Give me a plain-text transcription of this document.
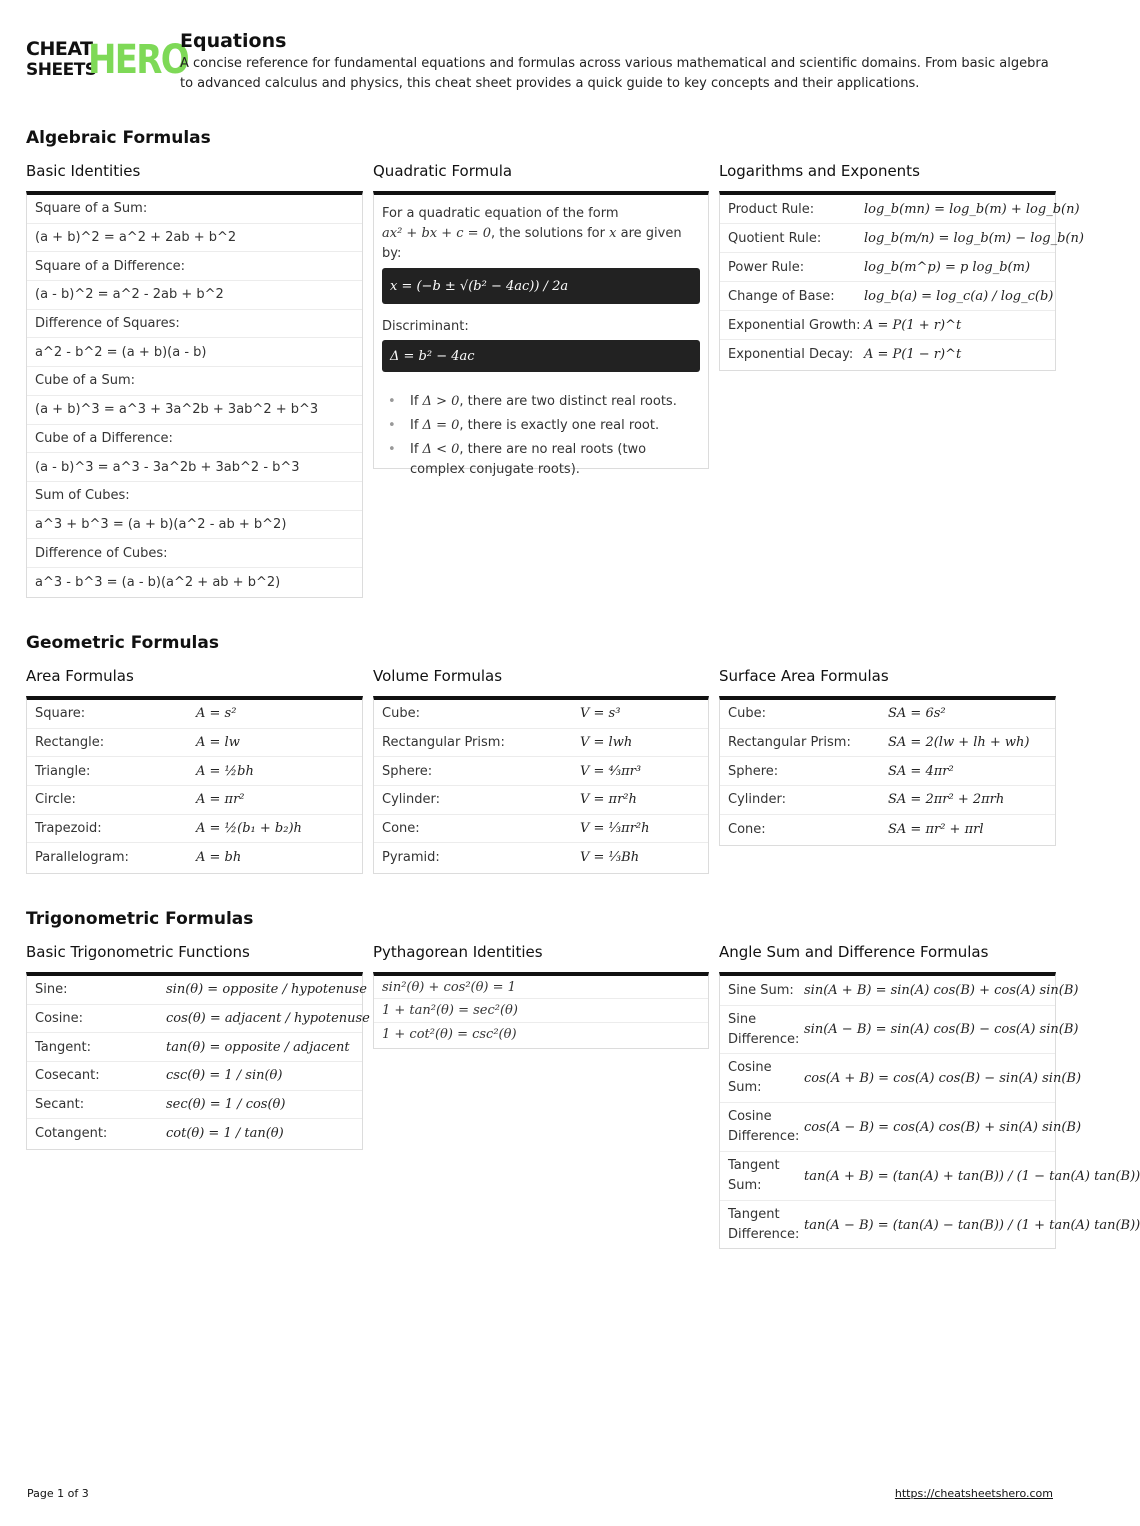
CHEAT
SHEETS
HERO
Equations
A concise reference for fundamental equations and formulas across various mathematical and scientific domains. From basic algebra to advanced calculus and physics, this cheat sheet provides a quick guide to key concepts and their applications.
Algebraic Formulas
Basic Identities
Square of a Sum:
(a + b)^2 = a^2 + 2ab + b^2
Square of a Difference:
(a - b)^2 = a^2 - 2ab + b^2
Difference of Squares:
a^2 - b^2 = (a + b)(a - b)
Cube of a Sum:
(a + b)^3 = a^3 + 3a^2b + 3ab^2 + b^3
Cube of a Difference:
(a - b)^3 = a^3 - 3a^2b + 3ab^2 - b^3
Sum of Cubes:
a^3 + b^3 = (a + b)(a^2 - ab + b^2)
Difference of Cubes:
a^3 - b^3 = (a - b)(a^2 + ab + b^2)
Quadratic Formula
For a quadratic equation of the form
ax² + bx + c = 0, the solutions for x are given by:
x = (−b ± √(b² − 4ac)) / 2a
Discriminant:
Δ = b² − 4ac
• If Δ > 0, there are two distinct real roots.
• If Δ = 0, there is exactly one real root.
• If Δ < 0, there are no real roots (two complex conjugate roots).
Logarithms and Exponents
Product Rule:	log_b(mn) = log_b(m) + log_b(n)
Quotient Rule:	log_b(m/n) = log_b(m) − log_b(n)
Power Rule:	log_b(m^p) = p log_b(m)
Change of Base:	log_b(a) = log_c(a) / log_c(b)
Exponential Growth: A = P(1 + r)^t
Exponential Decay: A = P(1 − r)^t
Geometric Formulas
Area Formulas
Square:	A = s²
Rectangle:	A = lw
Triangle:	A = ½bh
Circle:	A = πr²
Trapezoid:	A = ½(b₁ + b₂)h
Parallelogram:	A = bh
Volume Formulas
Cube:	V = s³
Rectangular Prism:	V = lwh
Sphere:	V = ⁴⁄₃πr³
Cylinder:	V = πr²h
Cone:	V = ⅓πr²h
Pyramid:	V = ⅓Bh
Surface Area Formulas
Cube:	SA = 6s²
Rectangular Prism:	SA = 2(lw + lh + wh)
Sphere:	SA = 4πr²
Cylinder:	SA = 2πr² + 2πrh
Cone:	SA = πr² + πrl
Trigonometric Formulas
Basic Trigonometric Functions
Sine:	sin(θ) = opposite / hypotenuse
Cosine:	cos(θ) = adjacent / hypotenuse
Tangent:	tan(θ) = opposite / adjacent
Cosecant:	csc(θ) = 1 / sin(θ)
Secant:	sec(θ) = 1 / cos(θ)
Cotangent:	cot(θ) = 1 / tan(θ)
Pythagorean Identities
sin²(θ) + cos²(θ) = 1
1 + tan²(θ) = sec²(θ)
1 + cot²(θ) = csc²(θ)
Angle Sum and Difference Formulas
Sine Sum: sin(A + B) = sin(A) cos(B) + cos(A) sin(B)
Sine Difference:
sin(A − B) = sin(A) cos(B) − cos(A) sin(B)
Cosine Sum:
cos(A + B) = cos(A) cos(B) − sin(A) sin(B)
Cosine Difference:
cos(A − B) = cos(A) cos(B) + sin(A) sin(B)
Tangent Sum:
tan(A + B) = (tan(A) + tan(B)) / (1 − tan(A) tan(B))
Tangent Difference:
tan(A − B) = (tan(A) − tan(B)) / (1 + tan(A) tan(B))
Page 1 of 3	https://cheatsheetshero.com
